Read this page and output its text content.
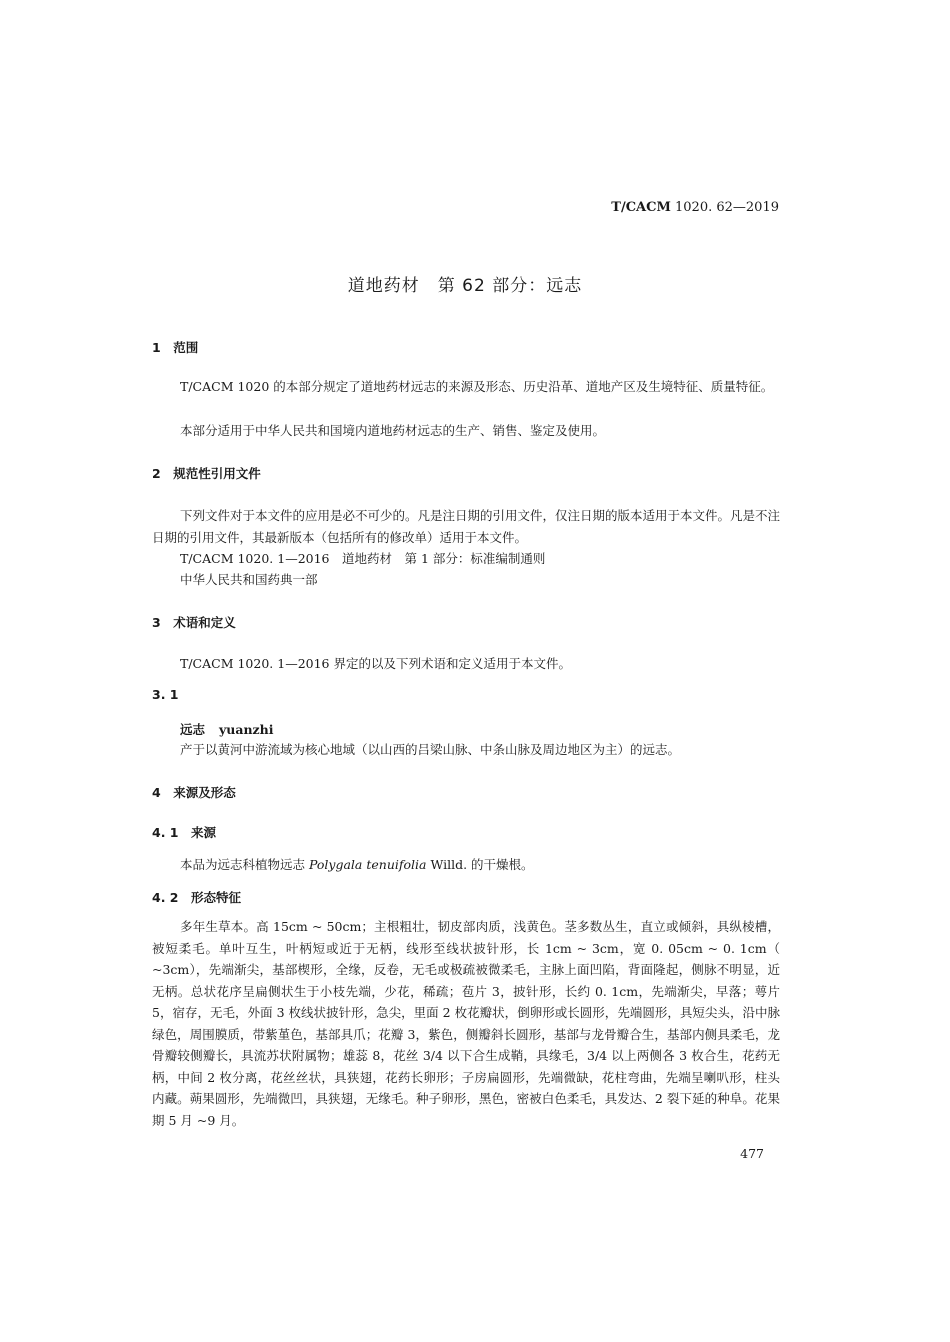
T/CACM 1020. 62—2019
道地药材　第 62 部分：远志
1　范围
T/CACM 1020 的本部分规定了道地药材远志的来源及形态、历史沿革、道地产区及生境特征、质量特征。
本部分适用于中华人民共和国境内道地药材远志的生产、销售、鉴定及使用。
2　规范性引用文件
下列文件对于本文件的应用是必不可少的。凡是注日期的引用文件，仅注日期的版本适用于本文件。凡是不注日期的引用文件，其最新版本（包括所有的修改单）适用于本文件。
T/CACM 1020. 1—2016　道地药材　第 1 部分：标准编制通则
中华人民共和国药典一部
3　术语和定义
T/CACM 1020. 1—2016 界定的以及下列术语和定义适用于本文件。
3. 1
远志 yuanzhi
产于以黄河中游流域为核心地域（以山西的吕梁山脉、中条山脉及周边地区为主）的远志。
4　来源及形态
4. 1　来源
本品为远志科植物远志 Polygala tenuifolia Willd. 的干燥根。
4. 2　形态特征
多年生草本。高 15cm ~ 50cm；主根粗壮，韧皮部肉质，浅黄色。茎多数丛生，直立或倾斜，具纵棱槽，被短柔毛。单叶互生，叶柄短或近于无柄，线形至线状披针形，长 1cm ~ 3cm，宽 0. 05cm ~ 0. 1cm（ ~3cm），先端渐尖，基部楔形，全缘，反卷，无毛或极疏被微柔毛，主脉上面凹陷，背面隆起，侧脉不明显，近无柄。总状花序呈扁侧状生于小枝先端，少花，稀疏；苞片 3，披针形，长约 0. 1cm，先端渐尖，早落；萼片 5，宿存，无毛，外面 3 枚线状披针形，急尖，里面 2 枚花瓣状，倒卵形或长圆形，先端圆形，具短尖头，沿中脉绿色，周围膜质，带紫堇色，基部具爪；花瓣 3，紫色，侧瓣斜长圆形，基部与龙骨瓣合生，基部内侧具柔毛，龙骨瓣较侧瓣长，具流苏状附属物；雄蕊 8，花丝 3/4 以下合生成鞘，具缘毛，3/4 以上两侧各 3 枚合生，花药无柄，中间 2 枚分离，花丝丝状，具狭翅，花药长卵形；子房扁圆形，先端微缺，花柱弯曲，先端呈喇叭形，柱头内藏。蒴果圆形，先端微凹，具狭翅，无缘毛。种子卵形，黑色，密被白色柔毛，具发达、2 裂下延的种阜。花果期 5 月 ~9 月。
477
